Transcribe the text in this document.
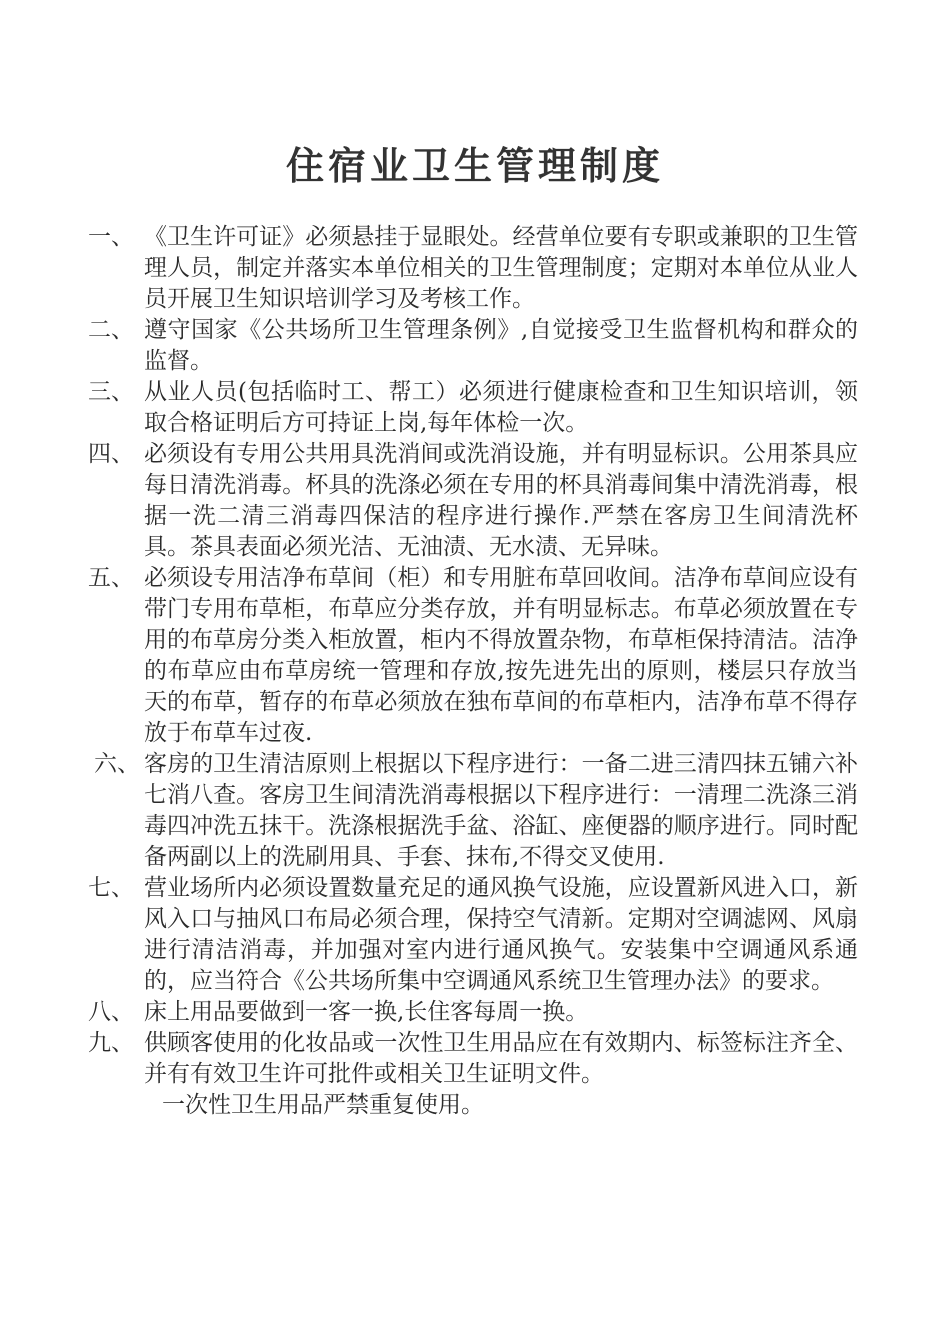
住宿业卫生管理制度
一、 《卫生许可证》必须悬挂于显眼处。经营单位要有专职或兼职的卫生管理人员，制定并落实本单位相关的卫生管理制度；定期对本单位从业人员开展卫生知识培训学习及考核工作。
二、 遵守国家《公共场所卫生管理条例》,自觉接受卫生监督机构和群众的监督。
三、 从业人员(包括临时工、帮工）必须进行健康检查和卫生知识培训，领取合格证明后方可持证上岗,每年体检一次。
四、 必须设有专用公共用具洗消间或洗消设施，并有明显标识。公用茶具应每日清洗消毒。杯具的洗涤必须在专用的杯具消毒间集中清洗消毒，根据一洗二清三消毒四保洁的程序进行操作.严禁在客房卫生间清洗杯具。茶具表面必须光洁、无油渍、无水渍、无异味。
五、 必须设专用洁净布草间（柜）和专用脏布草回收间。洁净布草间应设有带门专用布草柜，布草应分类存放，并有明显标志。布草必须放置在专用的布草房分类入柜放置，柜内不得放置杂物，布草柜保持清洁。洁净的布草应由布草房统一管理和存放,按先进先出的原则，楼层只存放当天的布草，暂存的布草必须放在独布草间的布草柜内，洁净布草不得存放于布草车过夜.
六、 客房的卫生清洁原则上根据以下程序进行：一备二进三清四抹五铺六补七消八查。客房卫生间清洗消毒根据以下程序进行：一清理二洗涤三消毒四冲洗五抹干。洗涤根据洗手盆、浴缸、座便器的顺序进行。同时配备两副以上的洗刷用具、手套、抹布,不得交叉使用.
七、 营业场所内必须设置数量充足的通风换气设施，应设置新风进入口，新风入口与抽风口布局必须合理，保持空气清新。定期对空调滤网、风扇进行清洁消毒，并加强对室内进行通风换气。安装集中空调通风系通的，应当符合《公共场所集中空调通风系统卫生管理办法》的要求。
八、 床上用品要做到一客一换,长住客每周一换。
九、 供顾客使用的化妆品或一次性卫生用品应在有效期内、标签标注齐全、并有有效卫生许可批件或相关卫生证明文件。
一次性卫生用品严禁重复使用。
